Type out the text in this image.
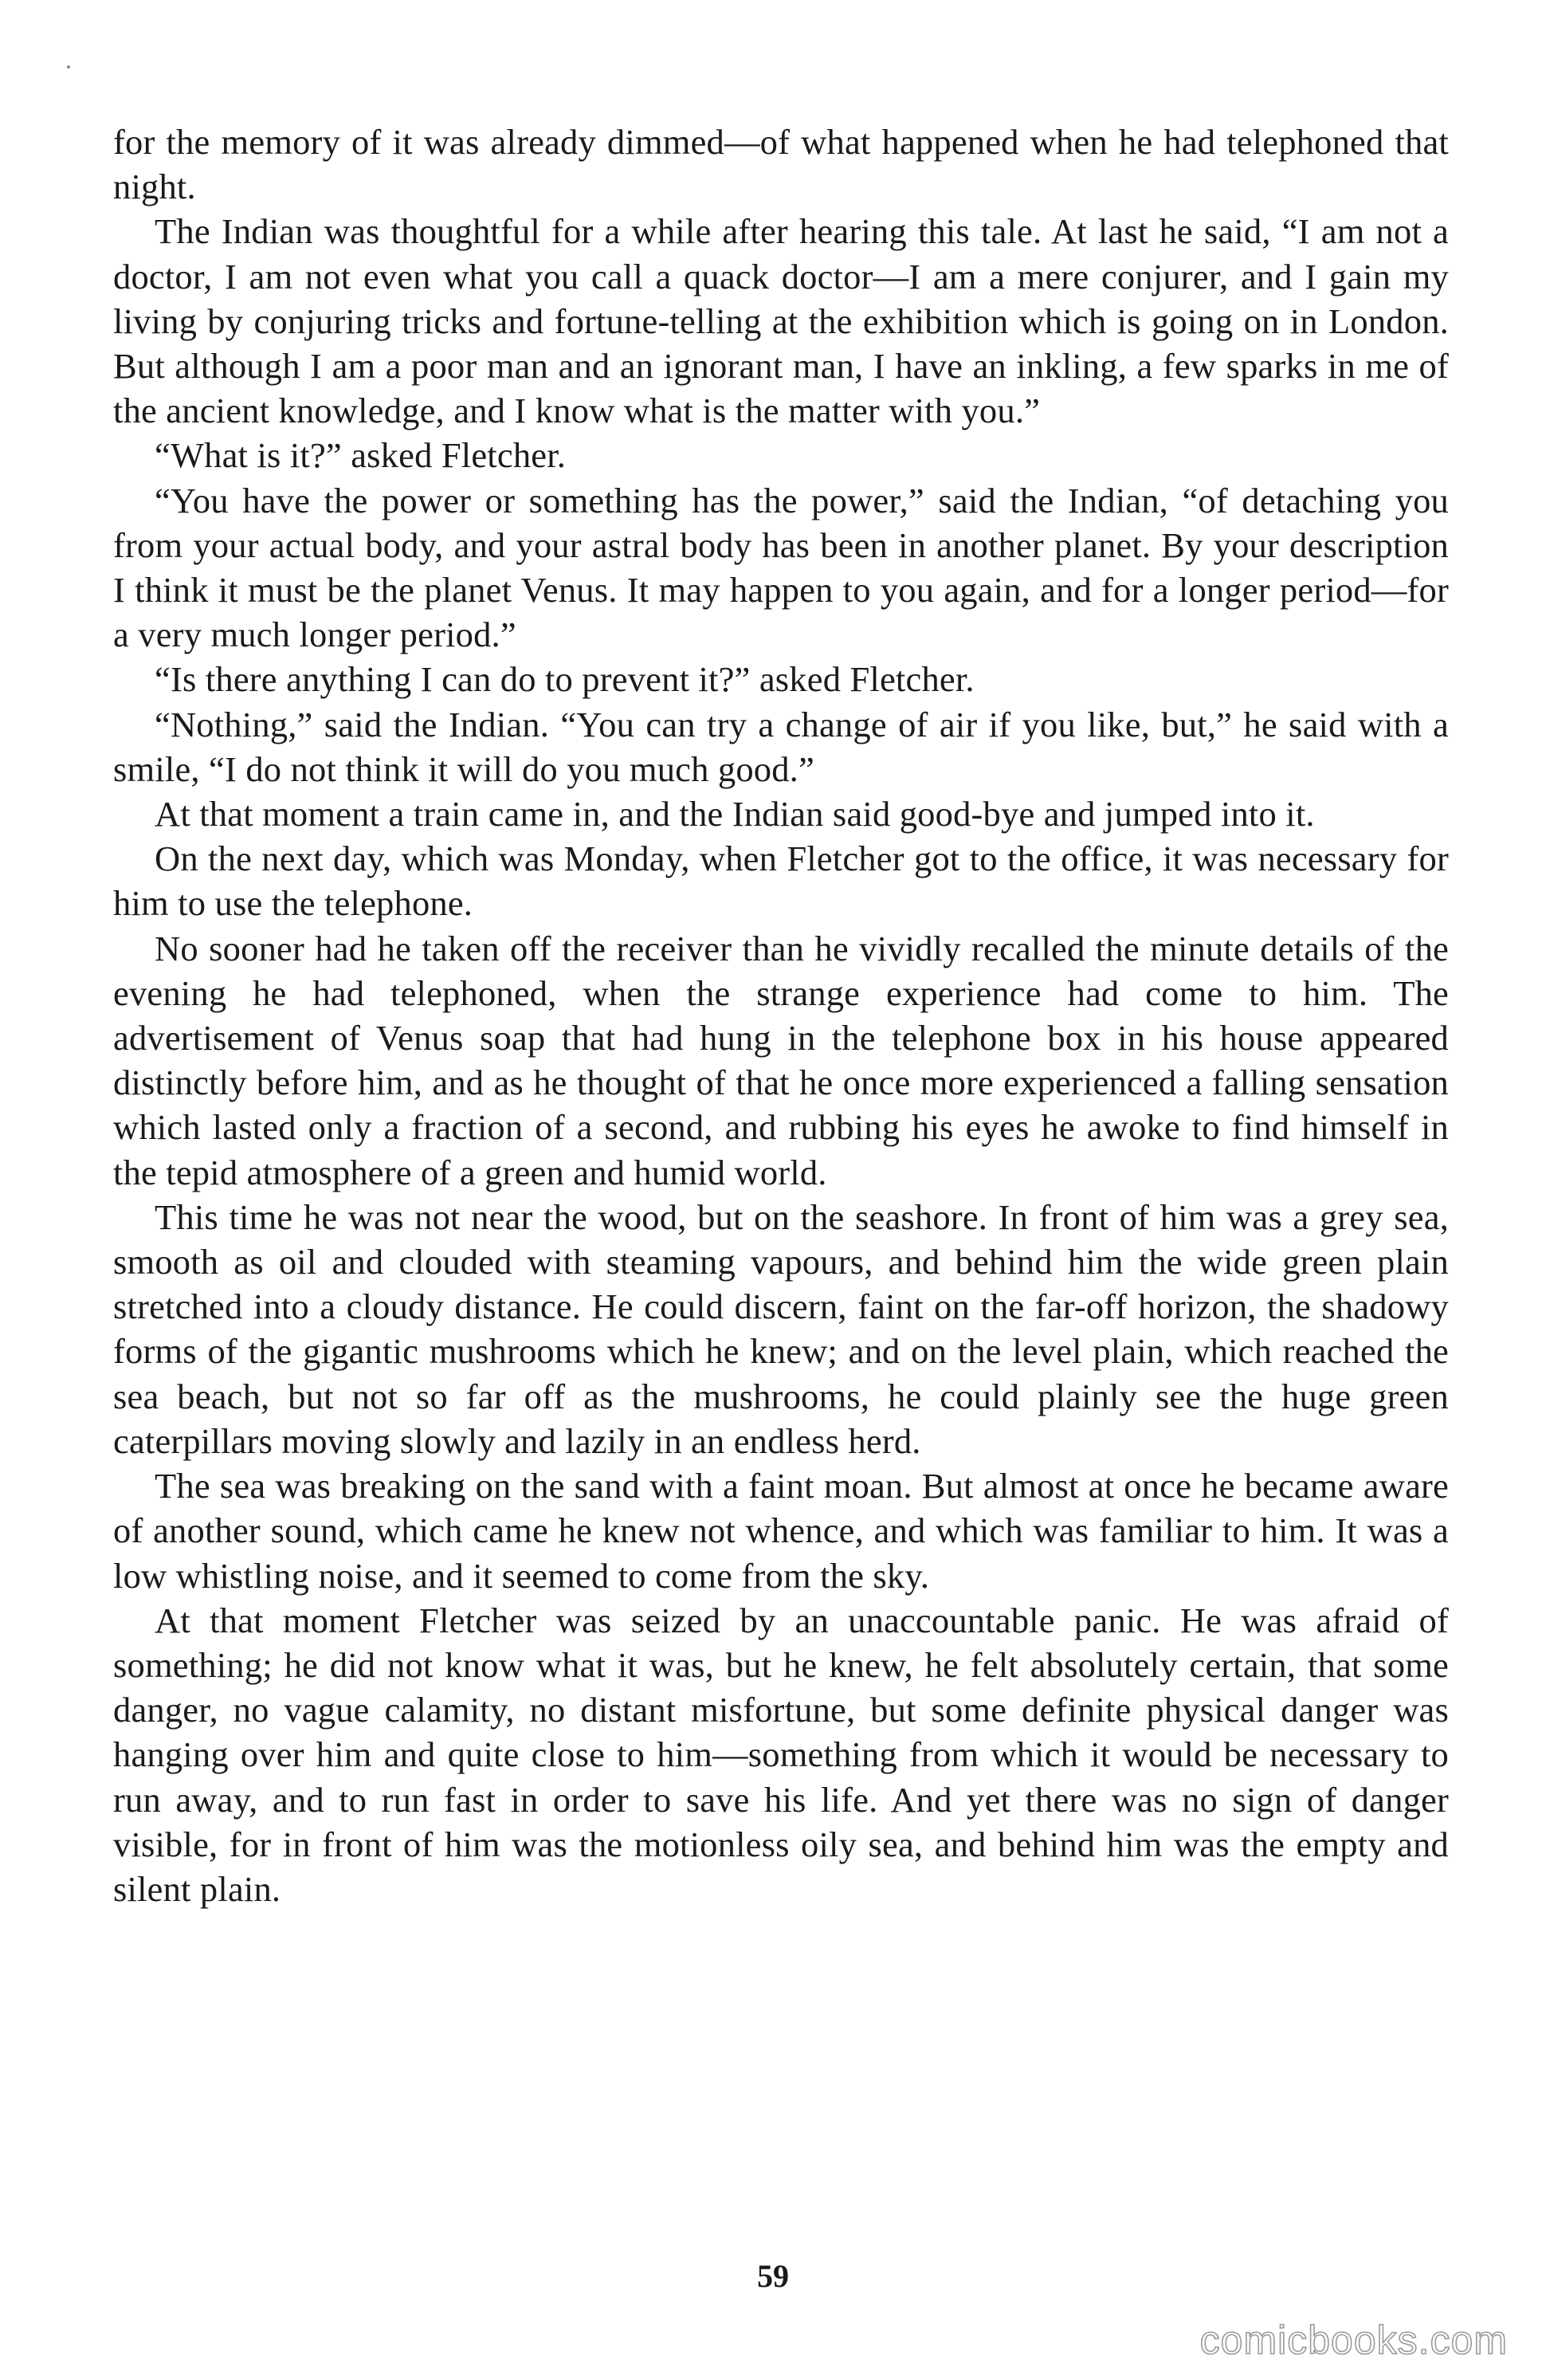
for the memory of it was already dimmed—of what happened when he had telephoned that night.

The Indian was thoughtful for a while after hearing this tale. At last he said, “I am not a doctor, I am not even what you call a quack doctor—I am a mere conjurer, and I gain my living by conjuring tricks and fortune-telling at the exhibition which is going on in London. But although I am a poor man and an ignorant man, I have an inkling, a few sparks in me of the ancient knowledge, and I know what is the matter with you.”

“What is it?” asked Fletcher.

“You have the power or something has the power,” said the Indian, “of detaching you from your actual body, and your astral body has been in another planet. By your description I think it must be the planet Venus. It may happen to you again, and for a longer period—for a very much longer period.”

“Is there anything I can do to prevent it?” asked Fletcher.

“Nothing,” said the Indian. “You can try a change of air if you like, but,” he said with a smile, “I do not think it will do you much good.”

At that moment a train came in, and the Indian said good-bye and jumped into it.

On the next day, which was Monday, when Fletcher got to the office, it was necessary for him to use the telephone.

No sooner had he taken off the receiver than he vividly recalled the minute details of the evening he had telephoned, when the strange experience had come to him. The advertisement of Venus soap that had hung in the telephone box in his house appeared distinctly before him, and as he thought of that he once more experienced a falling sensation which lasted only a fraction of a second, and rubbing his eyes he awoke to find himself in the tepid atmosphere of a green and humid world.

This time he was not near the wood, but on the seashore. In front of him was a grey sea, smooth as oil and clouded with steaming vapours, and behind him the wide green plain stretched into a cloudy distance. He could discern, faint on the far-off horizon, the shadowy forms of the gigantic mushrooms which he knew; and on the level plain, which reached the sea beach, but not so far off as the mushrooms, he could plainly see the huge green caterpillars moving slowly and lazily in an endless herd.

The sea was breaking on the sand with a faint moan. But almost at once he became aware of another sound, which came he knew not whence, and which was familiar to him. It was a low whistling noise, and it seemed to come from the sky.

At that moment Fletcher was seized by an unaccountable panic. He was afraid of something; he did not know what it was, but he knew, he felt absolutely certain, that some danger, no vague calamity, no distant misfortune, but some definite physical danger was hanging over him and quite close to him—something from which it would be necessary to run away, and to run fast in order to save his life. And yet there was no sign of danger visible, for in front of him was the motionless oily sea, and behind him was the empty and silent plain.

59
comicbooks.com
